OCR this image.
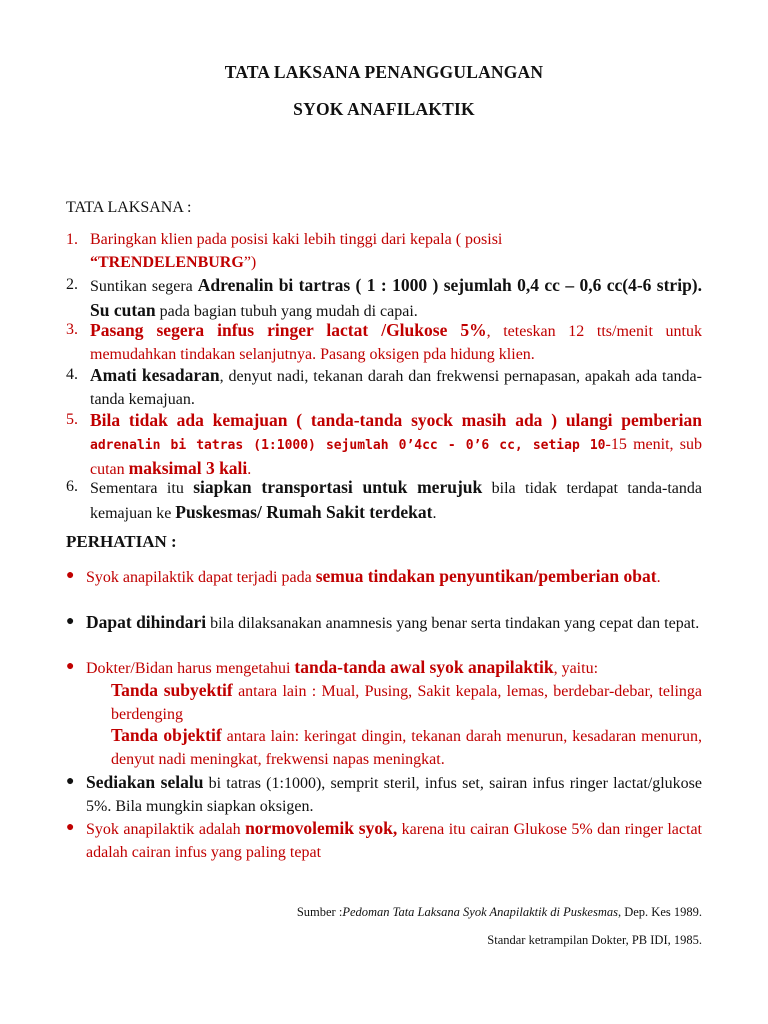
TATA LAKSANA PENANGGULANGAN
SYOK ANAFILAKTIK
TATA LAKSANA :
1. Baringkan klien pada posisi kaki lebih tinggi dari kepala ( posisi
“TRENDELENBURG”)
2. Suntikan segera Adrenalin bi tartras ( 1 : 1000 ) sejumlah 0,4 cc – 0,6 cc(4-6 strip). Su cutan pada bagian tubuh yang mudah di capai.
3. Pasang segera infus ringer lactat /Glukose 5%, teteskan 12 tts/menit untuk memudahkan tindakan selanjutnya. Pasang oksigen pda hidung klien.
4. Amati kesadaran, denyut nadi, tekanan darah dan frekwensi pernapasan, apakah ada tanda- tanda kemajuan.
5. Bila tidak ada kemajuan ( tanda-tanda syock masih ada ) ulangi pemberian adrenalin bi tatras (1:1000) sejumlah 0’4cc - 0’6 cc, setiap 10-15 menit, sub cutan maksimal 3 kali.
6. Sementara itu siapkan transportasi untuk merujuk bila tidak terdapat tanda-tanda kemajuan ke Puskesmas/ Rumah Sakit terdekat.
PERHATIAN :
● Syok anapilaktik dapat terjadi pada semua tindakan penyuntikan/pemberian obat.
● Dapat dihindari bila dilaksanakan anamnesis yang benar serta tindakan yang cepat dan tepat.
● Dokter/Bidan harus mengetahui tanda-tanda awal syok anapilaktik, yaitu:
Tanda subyektif antara lain : Mual, Pusing, Sakit kepala, lemas, berdebar-debar, telinga berdenging
Tanda objektif antara lain: keringat dingin, tekanan darah menurun, kesadaran menurun, denyut nadi meningkat, frekwensi napas meningkat.
● Sediakan selalu bi tatras (1:1000), semprit steril, infus set, sairan infus ringer lactat/glukose 5%. Bila mungkin siapkan oksigen.
● Syok anapilaktik adalah normovolemik syok, karena itu cairan Glukose 5% dan ringer lactat adalah cairan infus yang paling tepat
Sumber :Pedoman Tata Laksana Syok Anapilaktik di Puskesmas, Dep. Kes 1989.
Standar ketrampilan Dokter, PB IDI, 1985.
